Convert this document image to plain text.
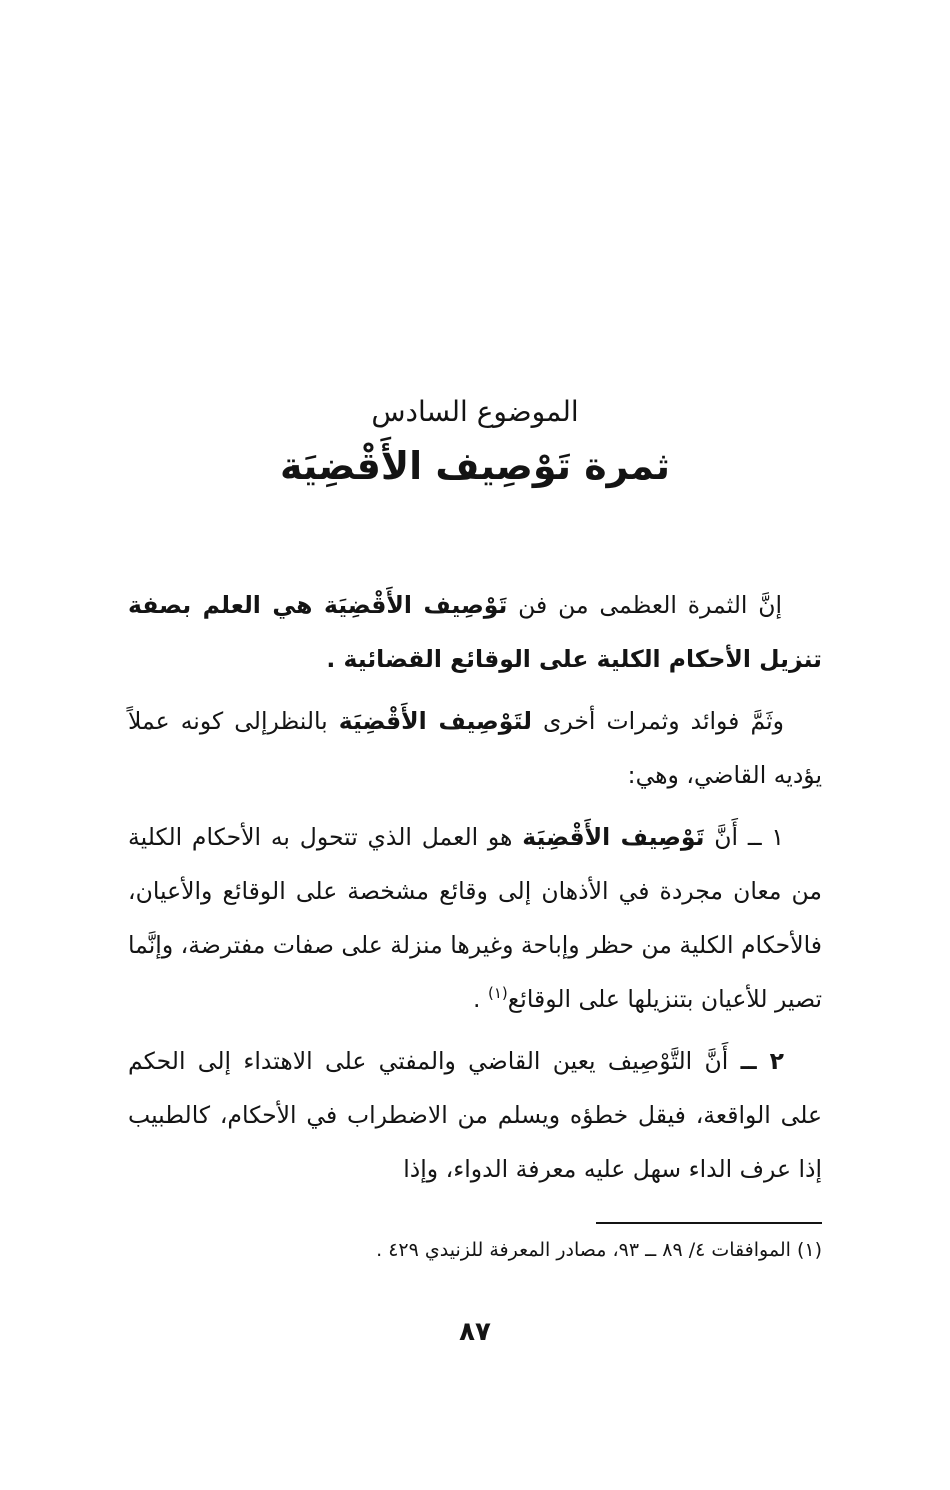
الموضوع السادس
ثمرة تَوْصِيف الأَقْضِيَة

إنَّ الثمرة العظمى من فن تَوْصِيف الأَقْضِيَة هي العلم بصفة تنزيل الأحكام الكلية على الوقائع القضائية .

وثَمَّ فوائد وثمرات أخرى لتَوْصِيف الأَقْضِيَة بالنظرإلى كونه عملاً يؤديه القاضي، وهي:

١ ــ أَنَّ تَوْصِيف الأَقْضِيَة هو العمل الذي تتحول به الأحكام الكلية من معان مجردة في الأذهان إلى وقائع مشخصة على الوقائع والأعيان، فالأحكام الكلية من حظر وإباحة وغيرها منزلة على صفات مفترضة، وإنَّما تصير للأعيان بتنزيلها على الوقائع$^{(١)}$ .

٢ ــ أَنَّ التَّوْصِيف يعين القاضي والمفتي على الاهتداء إلى الحكم على الواقعة، فيقل خطؤه ويسلم من الاضطراب في الأحكام، كالطبيب إذا عرف الداء سهل عليه معرفة الدواء، وإذا

(١) الموافقات ٤/ ٨٩ ــ ٩٣، مصادر المعرفة للزنيدي ٤٢٩ .
٨٧
